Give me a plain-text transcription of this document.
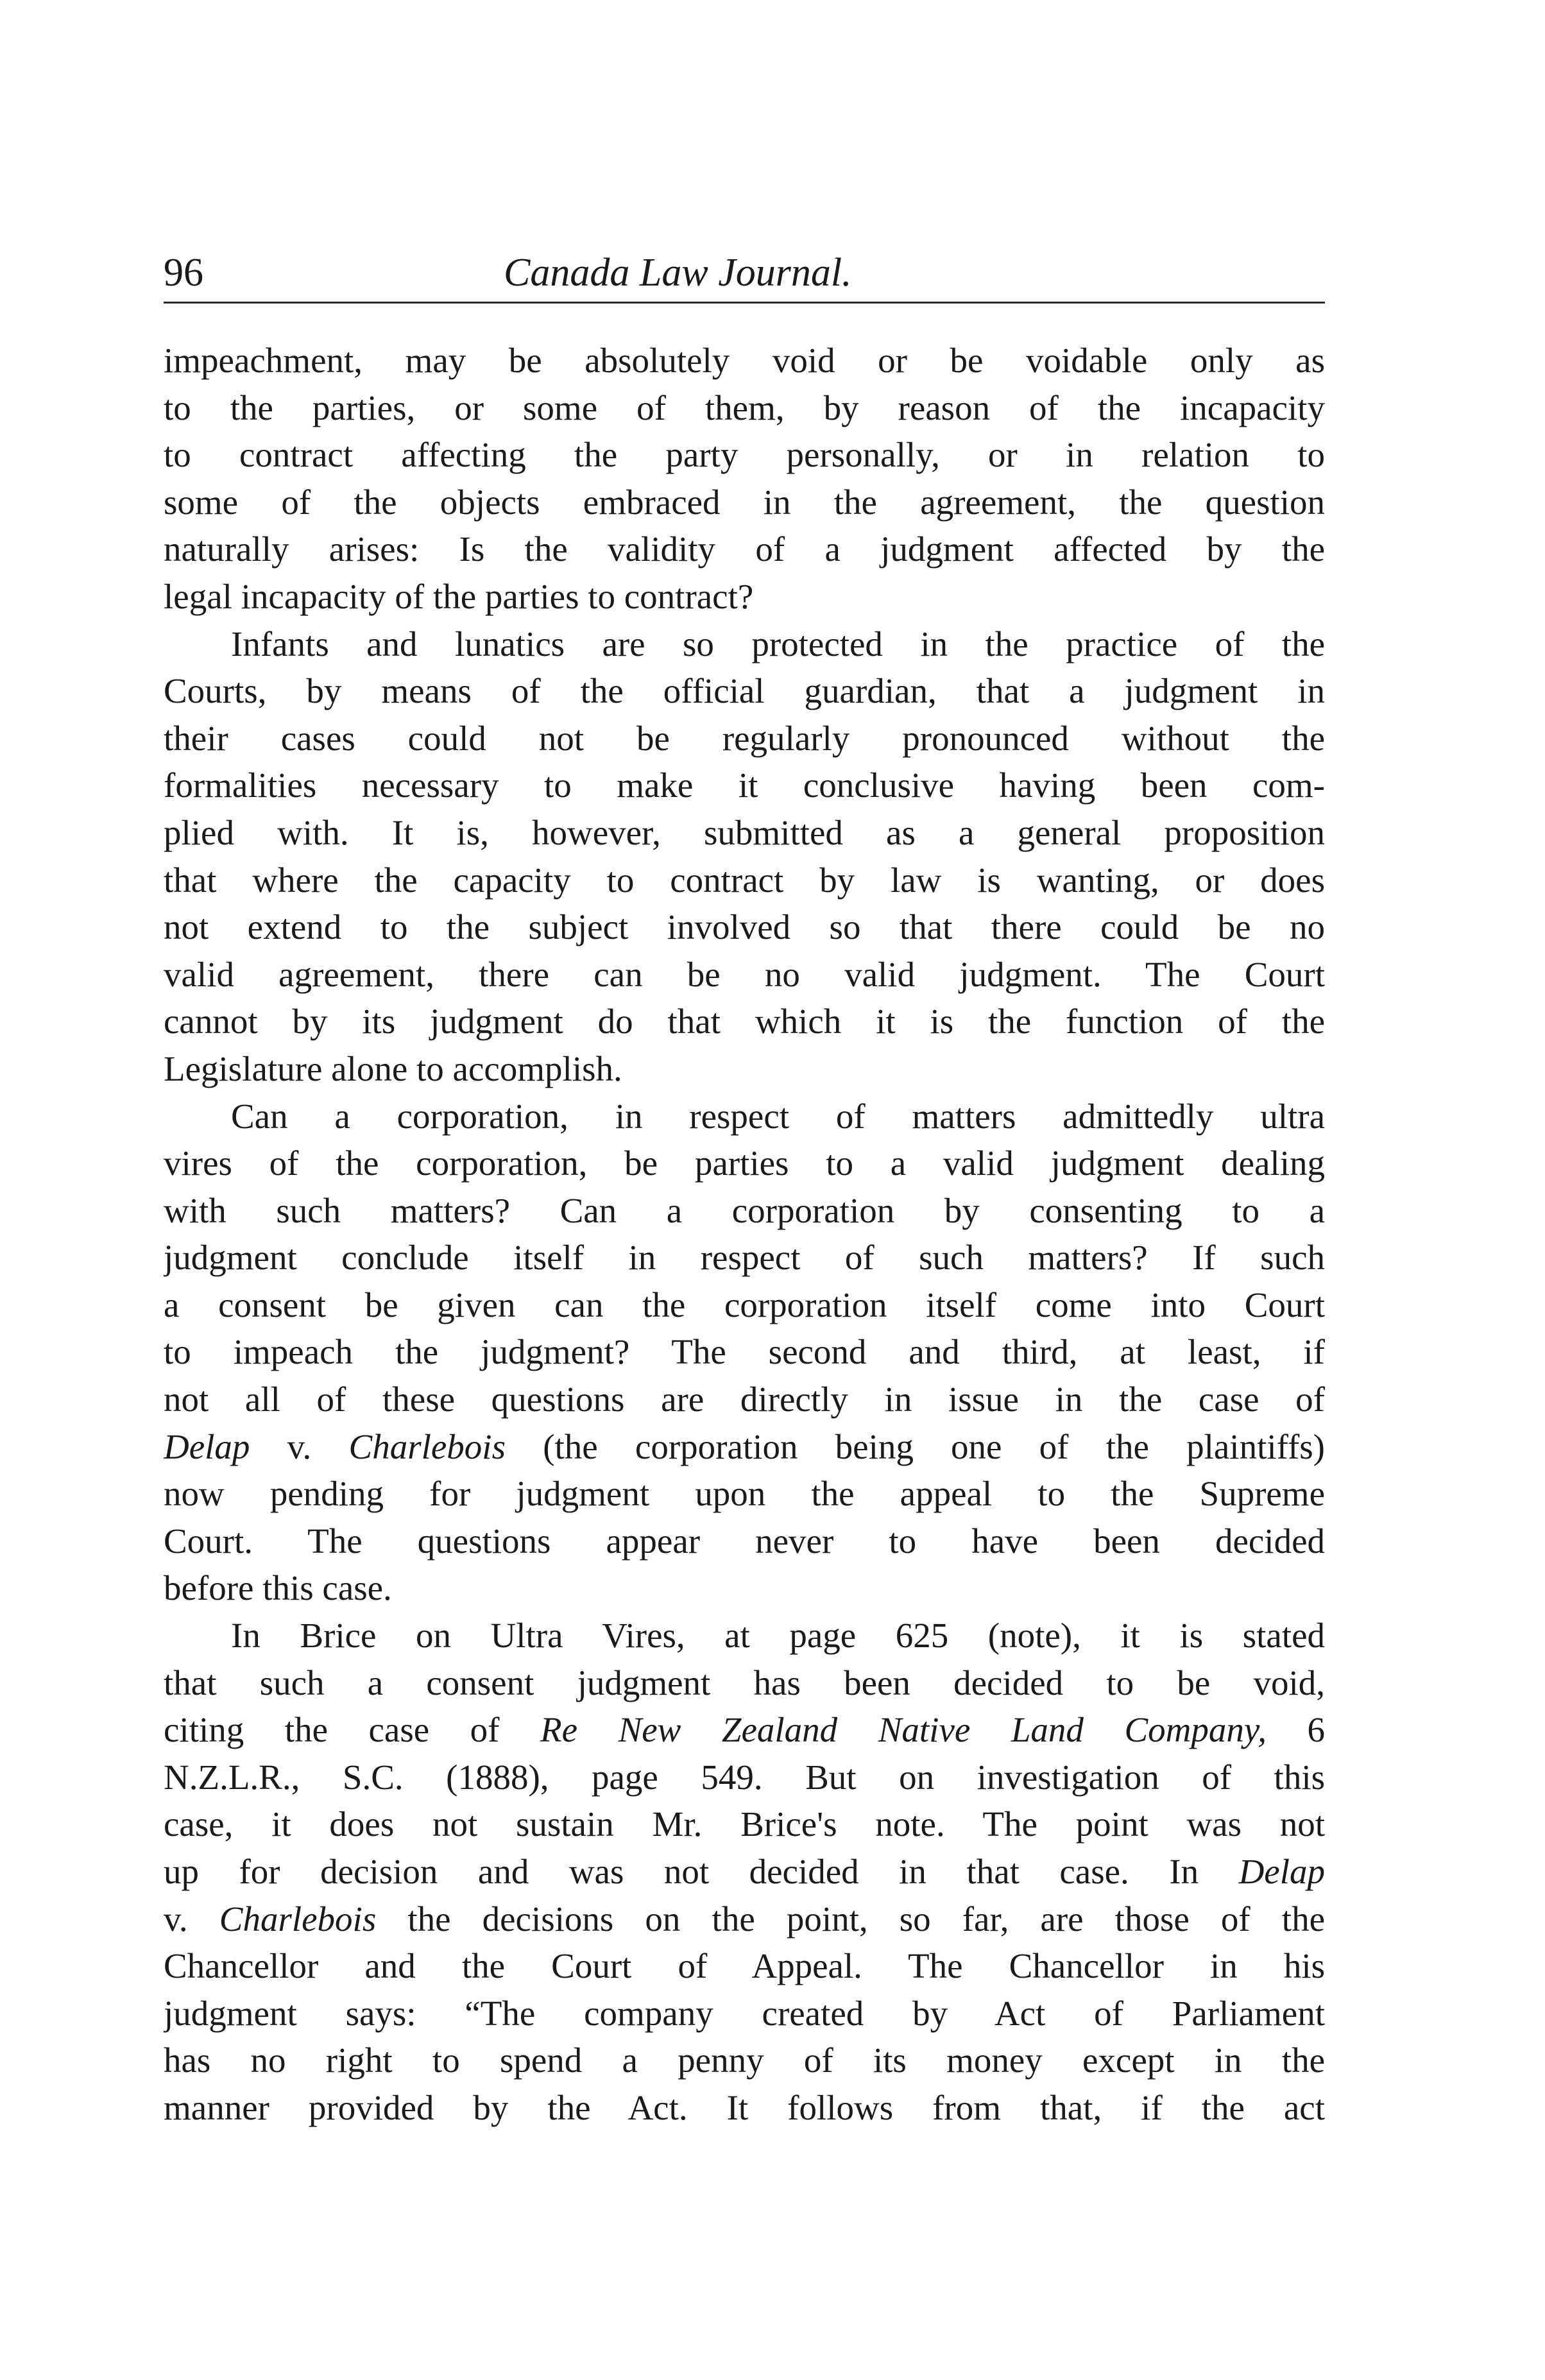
96	Canada Law Journal.
impeachment, may be absolutely void or be voidable only as
to the parties, or some of them, by reason of the incapacity
to contract affecting the party personally, or in relation to
some of the objects embraced in the agreement, the question
naturally arises: Is the validity of a judgment affected by the
legal incapacity of the parties to contract?
Infants and lunatics are so protected in the practice of the
Courts, by means of the official guardian, that a judgment in
their cases could not be regularly pronounced without the
formalities necessary to make it conclusive having been com-
plied with. It is, however, submitted as a general proposition
that where the capacity to contract by law is wanting, or does
not extend to the subject involved so that there could be no
valid agreement, there can be no valid judgment. The Court
cannot by its judgment do that which it is the function of the
Legislature alone to accomplish.
Can a corporation, in respect of matters admittedly ultra
vires of the corporation, be parties to a valid judgment dealing
with such matters? Can a corporation by consenting to a
judgment conclude itself in respect of such matters? If such
a consent be given can the corporation itself come into Court
to impeach the judgment? The second and third, at least, if
not all of these questions are directly in issue in the case of
Delap v. Charlebois (the corporation being one of the plaintiffs)
now pending for judgment upon the appeal to the Supreme
Court. The questions appear never to have been decided
before this case.
In Brice on Ultra Vires, at page 625 (note), it is stated
that such a consent judgment has been decided to be void,
citing the case of Re New Zealand Native Land Company, 6
N.Z.L.R., S.C. (1888), page 549. But on investigation of this
case, it does not sustain Mr. Brice's note. The point was not
up for decision and was not decided in that case. In Delap
v. Charlebois the decisions on the point, so far, are those of the
Chancellor and the Court of Appeal. The Chancellor in his
judgment says: “The company created by Act of Parliament
has no right to spend a penny of its money except in the
manner provided by the Act. It follows from that, if the act
